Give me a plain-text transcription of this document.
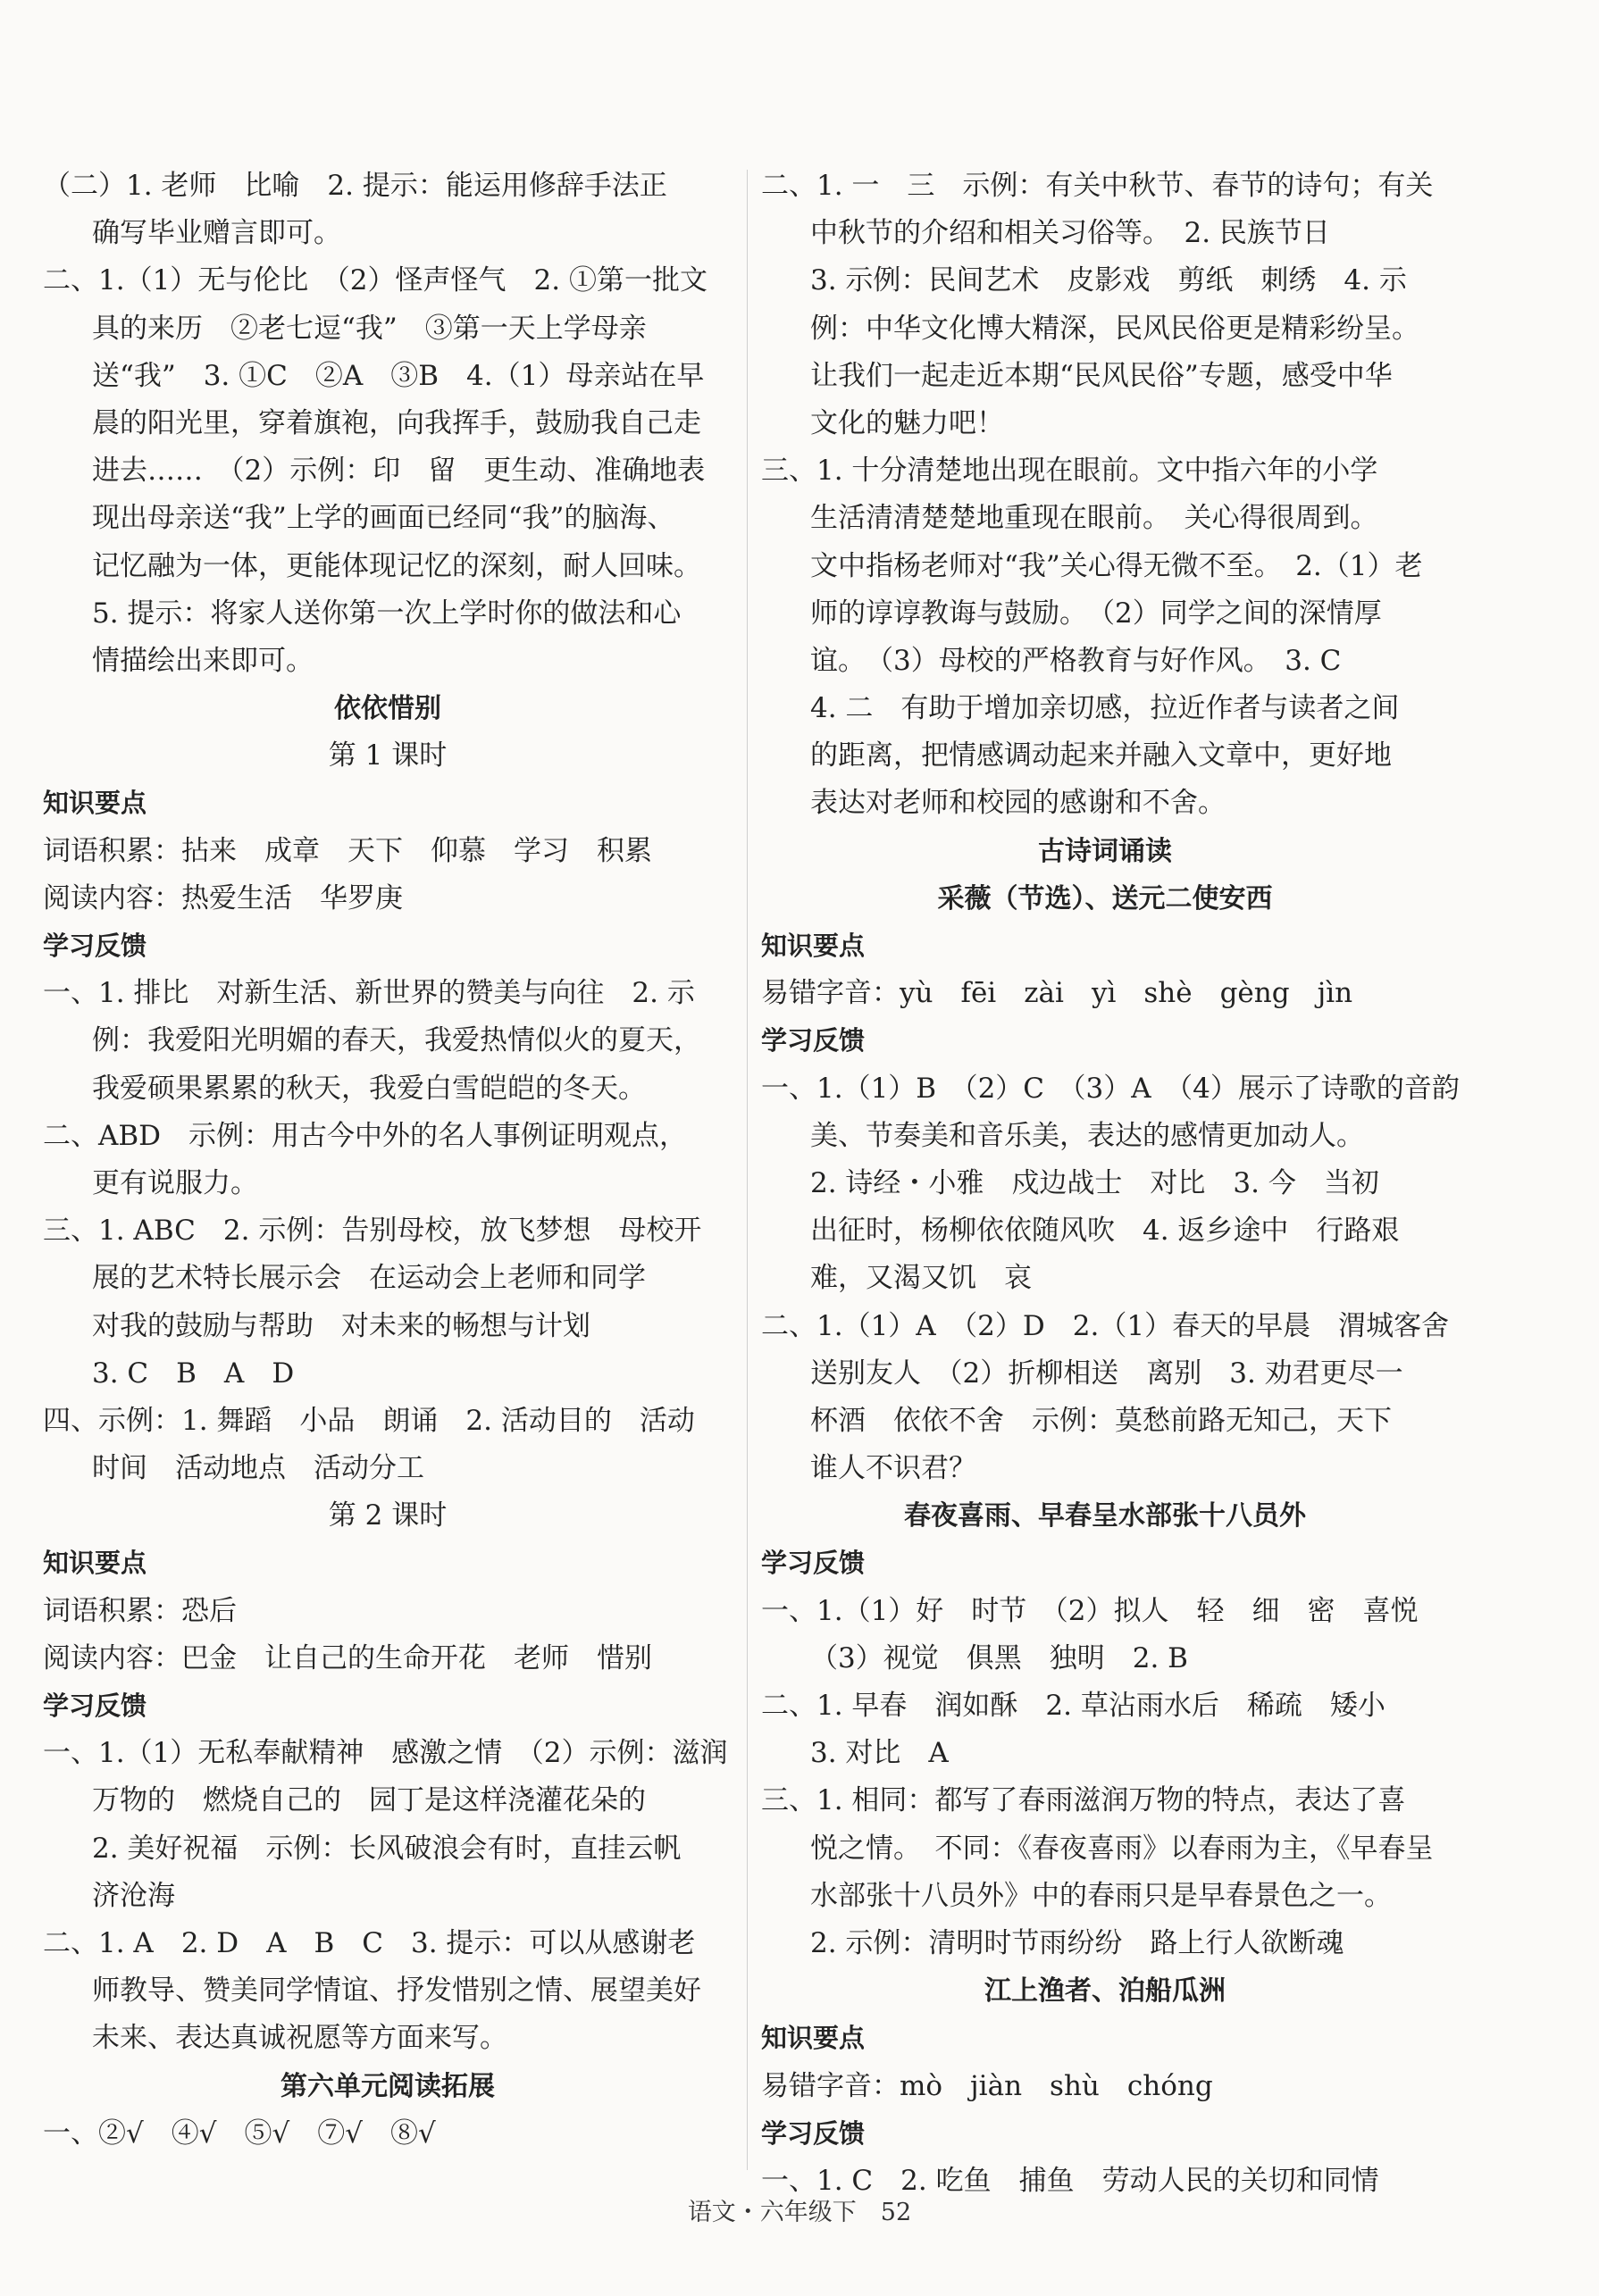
（二）1. 老师　比喻　2. 提示：能运用修辞手法正
确写毕业赠言即可。
二、1.（1）无与伦比　（2）怪声怪气　2. ①第一批文
具的来历　②老七逗“我”　③第一天上学母亲
送“我”　3. ①C　②A　③B　4.（1）母亲站在早
晨的阳光里，穿着旗袍，向我挥手，鼓励我自己走
进去……　（2）示例：印　留　更生动、准确地表
现出母亲送“我”上学的画面已经同“我”的脑海、
记忆融为一体，更能体现记忆的深刻，耐人回味。
5. 提示：将家人送你第一次上学时你的做法和心
情描绘出来即可。
依依惜别
第 1 课时
知识要点
词语积累：拈来　成章　天下　仰慕　学习　积累
阅读内容：热爱生活　华罗庚
学习反馈
一、1. 排比　对新生活、新世界的赞美与向往　2. 示
例：我爱阳光明媚的春天，我爱热情似火的夏天，
我爱硕果累累的秋天，我爱白雪皑皑的冬天。
二、ABD　示例：用古今中外的名人事例证明观点，
更有说服力。
三、1. ABC　2. 示例：告别母校，放飞梦想　母校开
展的艺术特长展示会　在运动会上老师和同学
对我的鼓励与帮助　对未来的畅想与计划
3. C　B　A　D
四、示例：1. 舞蹈　小品　朗诵　2. 活动目的　活动
时间　活动地点　活动分工
第 2 课时
知识要点
词语积累：恐后
阅读内容：巴金　让自己的生命开花　老师　惜别
学习反馈
一、1.（1）无私奉献精神　感激之情　（2）示例：滋润
万物的　燃烧自己的　园丁是这样浇灌花朵的
2. 美好祝福　示例：长风破浪会有时，直挂云帆
济沧海
二、1. A　2. D　A　B　C　3. 提示：可以从感谢老
师教导、赞美同学情谊、抒发惜别之情、展望美好
未来、表达真诚祝愿等方面来写。
第六单元阅读拓展
一、②√　④√　⑤√　⑦√　⑧√
二、1. 一　三　示例：有关中秋节、春节的诗句；有关
中秋节的介绍和相关习俗等。　2. 民族节日
3. 示例：民间艺术　皮影戏　剪纸　刺绣　4. 示
例：中华文化博大精深，民风民俗更是精彩纷呈。
让我们一起走近本期“民风民俗”专题，感受中华
文化的魅力吧！
三、1. 十分清楚地出现在眼前。文中指六年的小学
生活清清楚楚地重现在眼前。　关心得很周到。
文中指杨老师对“我”关心得无微不至。　2.（1）老
师的谆谆教诲与鼓励。　（2）同学之间的深情厚
谊。　（3）母校的严格教育与好作风。　3. C
4. 二　有助于增加亲切感，拉近作者与读者之间
的距离，把情感调动起来并融入文章中，更好地
表达对老师和校园的感谢和不舍。
古诗词诵读
采薇（节选）、送元二使安西
知识要点
易错字音：yù　fēi　zài　yì　shè　gèng　jìn
学习反馈
一、1.（1）B　（2）C　（3）A　（4）展示了诗歌的音韵
美、节奏美和音乐美，表达的感情更加动人。
2. 诗经・小雅　戍边战士　对比　3. 今　当初
出征时，杨柳依依随风吹　4. 返乡途中　行路艰
难，又渴又饥　哀
二、1.（1）A　（2）D　2.（1）春天的早晨　渭城客舍
送别友人　（2）折柳相送　离别　3. 劝君更尽一
杯酒　依依不舍　示例：莫愁前路无知己，天下
谁人不识君？
春夜喜雨、早春呈水部张十八员外
学习反馈
一、1.（1）好　时节　（2）拟人　轻　细　密　喜悦
（3）视觉　俱黑　独明　2. B
二、1. 早春　润如酥　2. 草沾雨水后　稀疏　矮小
3. 对比　A
三、1. 相同：都写了春雨滋润万物的特点，表达了喜
悦之情。　不同：《春夜喜雨》以春雨为主，《早春呈
水部张十八员外》中的春雨只是早春景色之一。
2. 示例：清明时节雨纷纷　路上行人欲断魂
江上渔者、泊船瓜洲
知识要点
易错字音：mò　jiàn　shù　chóng
学习反馈
一、1. C　2. 吃鱼　捕鱼　劳动人民的关切和同情
语文・六年级下　52
